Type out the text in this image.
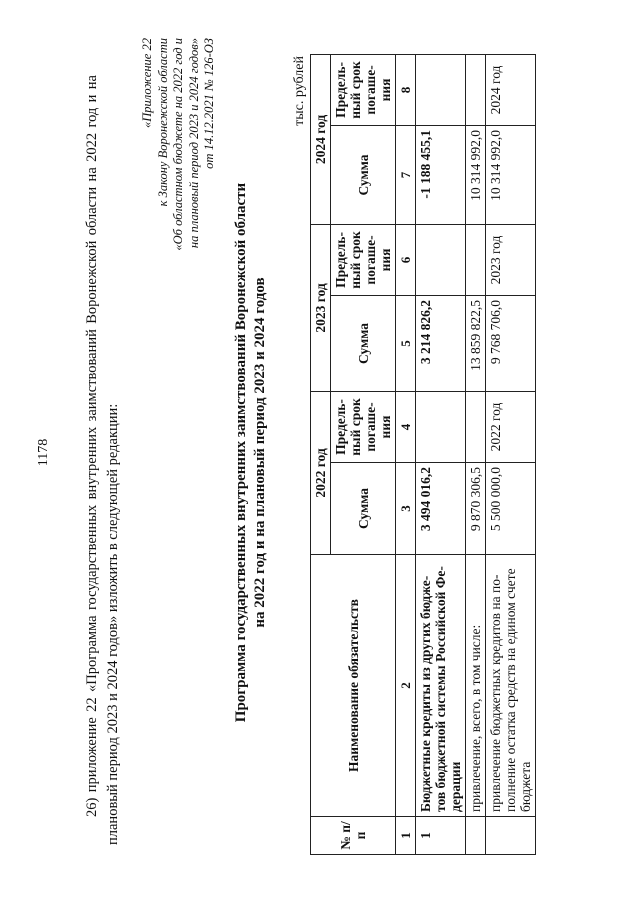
1178 26) приложение 22 «Программа государственных внутренних заимствований Воронежской области на 2022 год и на плановый период 2023 и 2024 годов» изложить в следующей редакции:
«Приложение 22 к Закону Воронежской области «Об областном бюджете на 2022 год и на плановый период 2023 и 2024 годов» от 14.12.2021 № 126-ОЗ
Программа государственных внутренних заимствований Воронежской области на 2022 год и на плановый период 2023 и 2024 годов
тыс. рублей
№ п/п	Наименование обязательств	2022 год		2023 год		2024 год	
		Сумма	Предель-ный срок погаше-ния	Сумма	Предель-ный срок погаше-ния	Сумма	Предель-ный срок погаше-ния
1	2	3	4	5	6	7	8
1	Бюджетные кредиты из других бюдже-тов бюджетной системы Российской Фе-дерации	3 494 016,2		3 214 826,2		-1 188 455,1	
	привлечение, всего, в том числе:	9 870 306,5		13 859 822,5		10 314 992,0	
	привлечение бюджетных кредитов на по-полнение остатка средств на едином счете бюджета	5 500 000,0	2022 год	9 768 706,0	2023 год	10 314 992,0	2024 год
